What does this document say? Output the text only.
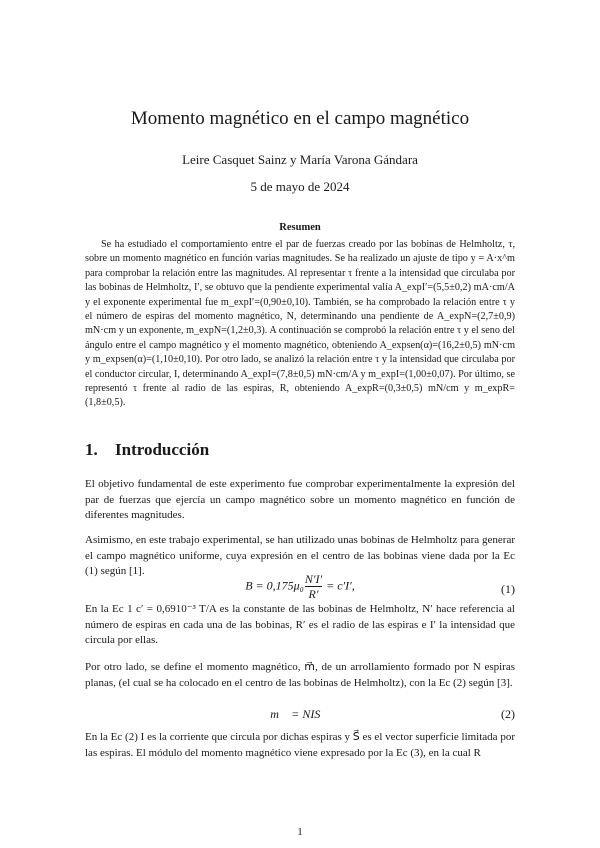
Momento magnético en el campo magnético
Leire Casquet Sainz y María Varona Gándara
5 de mayo de 2024
Resumen
Se ha estudiado el comportamiento entre el par de fuerzas creado por las bobinas de Helmholtz, τ, sobre un momento magnético en función varias magnitudes. Se ha realizado un ajuste de tipo y = A·x^m para comprobar la relación entre las magnitudes. Al representar τ frente a la intensidad que circulaba por las bobinas de Helmholtz, I′, se obtuvo que la pendiente experimental valía A_expI′=(5,5±0,2) mA·cm/A y el exponente experimental fue m_expI′=(0,90±0,10). También, se ha comprobado la relación entre τ y el número de espiras del momento magnético, N, determinando una pendiente de A_expN=(2,7±0,9) mN·cm y un exponente, m_expN=(1,2±0,3). A continuación se comprobó la relación entre τ y el seno del ángulo entre el campo magnético y el momento magnético, obteniendo A_expsen(α)=(16,2±0,5) mN·cm y m_expsen(α)=(1,10±0,10). Por otro lado, se analizó la relación entre τ y la intensidad que circulaba por el conductor circular, I, determinando A_expI=(7,8±0,5) mN·cm/A y m_expI=(1,00±0,07). Por último, se representó τ frente al radio de las espiras, R, obteniendo A_expR=(0,3±0,5) mN/cm y m_expR=(1,8±0,5).
1. Introducción
El objetivo fundamental de este experimento fue comprobar experimentalmente la expresión del par de fuerzas que ejercía un campo magnético sobre un momento magnético en función de diferentes magnitudes.
Asimismo, en este trabajo experimental, se han utilizado unas bobinas de Helmholtz para generar el campo magnético uniforme, cuya expresión en el centro de las bobinas viene dada por la Ec (1) según [1].
$B = 0,175\mu_0 \frac{N'I'}{R'} = c'I'$,	(1)
En la Ec 1 c′ = 0,6910⁻³ T/A es la constante de las bobinas de Helmholtz, N′ hace referencia al número de espiras en cada una de las bobinas, R′ es el radio de las espiras e I′ la intensidad que circula por ellas.
Por otro lado, se define el momento magnético, m⃗, de un arrollamiento formado por N espiras planas, (el cual se ha colocado en el centro de las bobinas de Helmholtz), con la Ec (2) según [3].
m⃗ = NIS⃗	(2)
En la Ec (2) I es la corriente que circula por dichas espiras y S⃗ es el vector superficie limitada por las espiras. El módulo del momento magnético viene expresado por la Ec (3), en la cual R
1
